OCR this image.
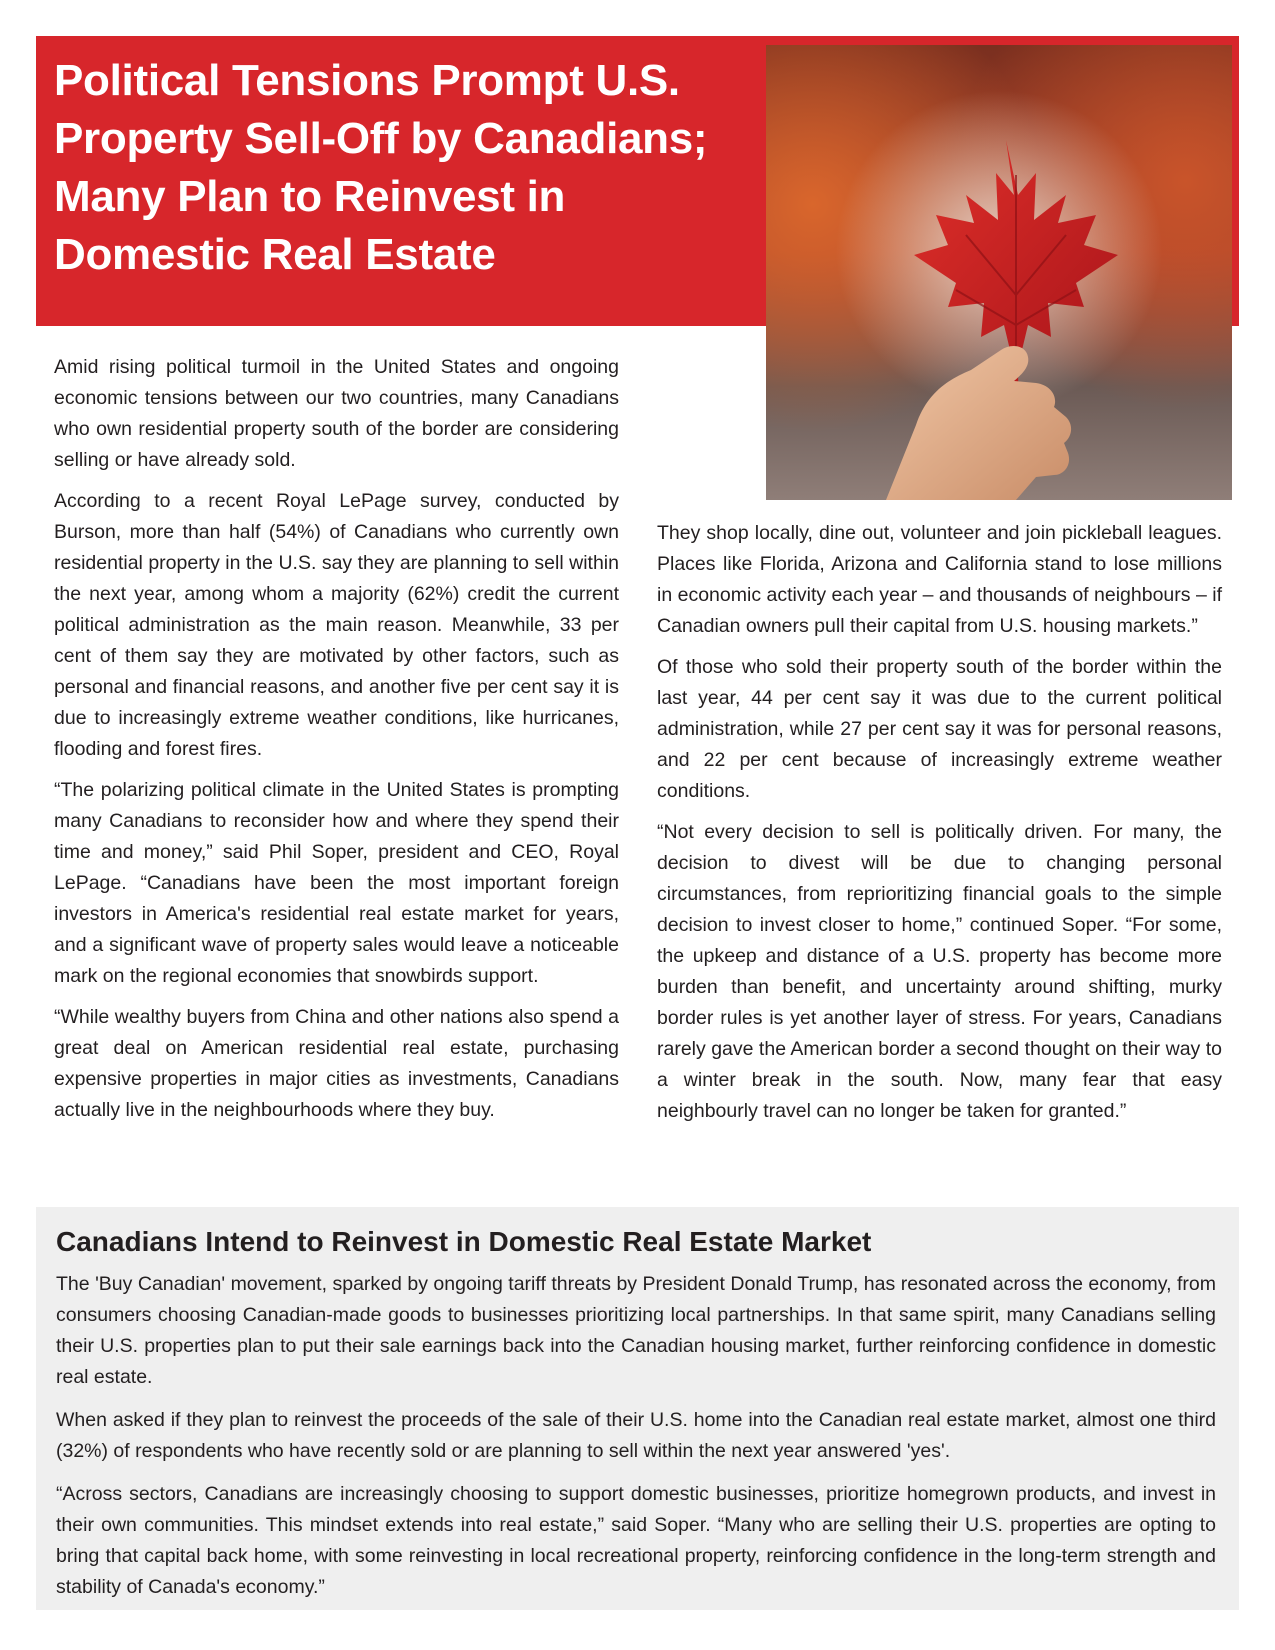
Political Tensions Prompt U.S. Property Sell-Off by Canadians; Many Plan to Reinvest in Domestic Real Estate

Amid rising political turmoil in the United States and ongoing economic tensions between our two countries, many Canadians who own residential property south of the border are considering selling or have already sold.

According to a recent Royal LePage survey, conducted by Burson, more than half (54%) of Canadians who currently own residential property in the U.S. say they are planning to sell within the next year, among whom a majority (62%) credit the current political administration as the main reason. Meanwhile, 33 per cent of them say they are motivated by other factors, such as personal and financial reasons, and another five per cent say it is due to increasingly extreme weather conditions, like hurricanes, flooding and forest fires.

“The polarizing political climate in the United States is prompting many Canadians to reconsider how and where they spend their time and money,” said Phil Soper, president and CEO, Royal LePage. “Canadians have been the most important foreign investors in America's residential real estate market for years, and a significant wave of property sales would leave a noticeable mark on the regional economies that snowbirds support.

“While wealthy buyers from China and other nations also spend a great deal on American residential real estate, purchasing expensive properties in major cities as investments, Canadians actually live in the neighbourhoods where they buy.

They shop locally, dine out, volunteer and join pickleball leagues. Places like Florida, Arizona and California stand to lose millions in economic activity each year – and thousands of neighbours – if Canadian owners pull their capital from U.S. housing markets.”

Of those who sold their property south of the border within the last year, 44 per cent say it was due to the current political administration, while 27 per cent say it was for personal reasons, and 22 per cent because of increasingly extreme weather conditions.

“Not every decision to sell is politically driven. For many, the decision to divest will be due to changing personal circumstances, from reprioritizing financial goals to the simple decision to invest closer to home,” continued Soper. “For some, the upkeep and distance of a U.S. property has become more burden than benefit, and uncertainty around shifting, murky border rules is yet another layer of stress. For years, Canadians rarely gave the American border a second thought on their way to a winter break in the south. Now, many fear that easy neighbourly travel can no longer be taken for granted.”

Canadians Intend to Reinvest in Domestic Real Estate Market

The 'Buy Canadian' movement, sparked by ongoing tariff threats by President Donald Trump, has resonated across the economy, from consumers choosing Canadian-made goods to businesses prioritizing local partnerships. In that same spirit, many Canadians selling their U.S. properties plan to put their sale earnings back into the Canadian housing market, further reinforcing confidence in domestic real estate.

When asked if they plan to reinvest the proceeds of the sale of their U.S. home into the Canadian real estate market, almost one third (32%) of respondents who have recently sold or are planning to sell within the next year answered 'yes'.

“Across sectors, Canadians are increasingly choosing to support domestic businesses, prioritize homegrown products, and invest in their own communities. This mindset extends into real estate,” said Soper. “Many who are selling their U.S. properties are opting to bring that capital back home, with some reinvesting in local recreational property, reinforcing confidence in the long-term strength and stability of Canada's economy.”
